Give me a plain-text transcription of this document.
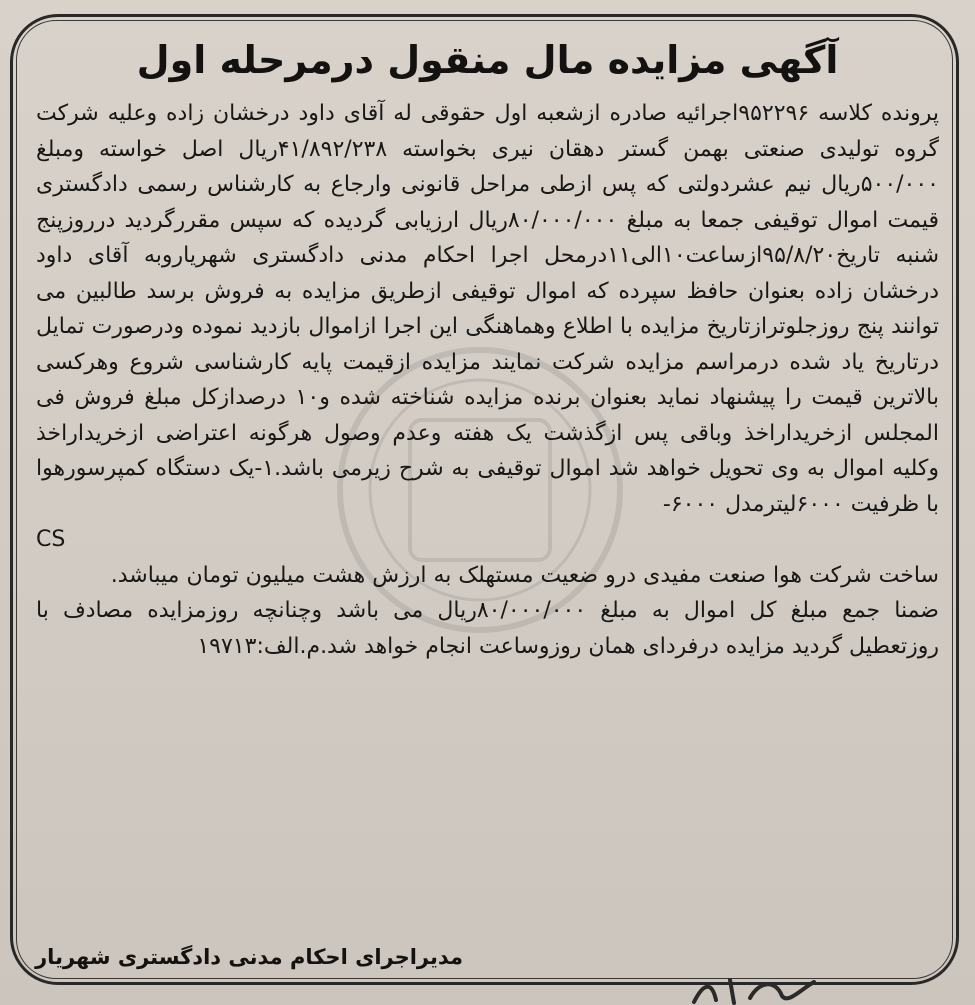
آگهی مزایده مال منقول درمرحله اول

پرونده کلاسه ۹۵۲۲۹۶اجرائیه صادره ازشعبه اول حقوقی له آقای داود درخشان زاده وعلیه شرکت گروه تولیدی صنعتی بهمن گستر دهقان نیری بخواسته ۴۱/۸۹۲/۲۳۸ریال اصل خواسته ومبلغ ۵۰۰/۰۰۰ریال نیم عشردولتی که پس ازطی مراحل قانونی وارجاع به کارشناس رسمی دادگستری قیمت اموال توقیفی جمعا به مبلغ ۸۰/۰۰۰/۰۰۰ریال ارزیابی گردیده که سپس مقررگردید درروزپنج شنبه تاریخ۹۵/۸/۲۰ازساعت۱۰الی۱۱درمحل اجرا احکام مدنی دادگستری شهریاروبه آقای داود درخشان زاده بعنوان حافظ سپرده که اموال توقیفی ازطریق مزایده به فروش برسد طالبین می توانند پنج روزجلوترازتاریخ مزایده با اطلاع وهماهنگی این اجرا ازاموال بازدید نموده ودرصورت تمایل درتاریخ یاد شده درمراسم مزایده شرکت نمایند مزایده ازقیمت پایه کارشناسی شروع وهرکسی بالاترین قیمت را پیشنهاد نماید بعنوان برنده مزایده شناخته شده و۱۰ درصدازکل مبلغ فروش فی المجلس ازخریداراخذ وباقی پس ازگذشت یک هفته وعدم وصول هرگونه اعتراضی ازخریداراخذ وکلیه اموال به وی تحویل خواهد شد اموال توقیفی به شرح زیرمی باشد.۱-یک دستگاه کمپرسورهوا با ظرفیت ۶۰۰۰لیترمدل ۶۰۰۰-

CS

ساخت شرکت هوا صنعت مفیدی درو ضعیت مستهلک به ارزش هشت میلیون تومان میباشد.

ضمنا جمع مبلغ کل اموال به مبلغ ۸۰/۰۰۰/۰۰۰ریال می باشد وچنانچه روزمزایده مصادف با روزتعطیل گردید مزایده درفردای همان روزوساعت انجام خواهد شد.م.الف:۱۹۷۱۳

مدیراجرای احکام مدنی دادگستری شهریار
